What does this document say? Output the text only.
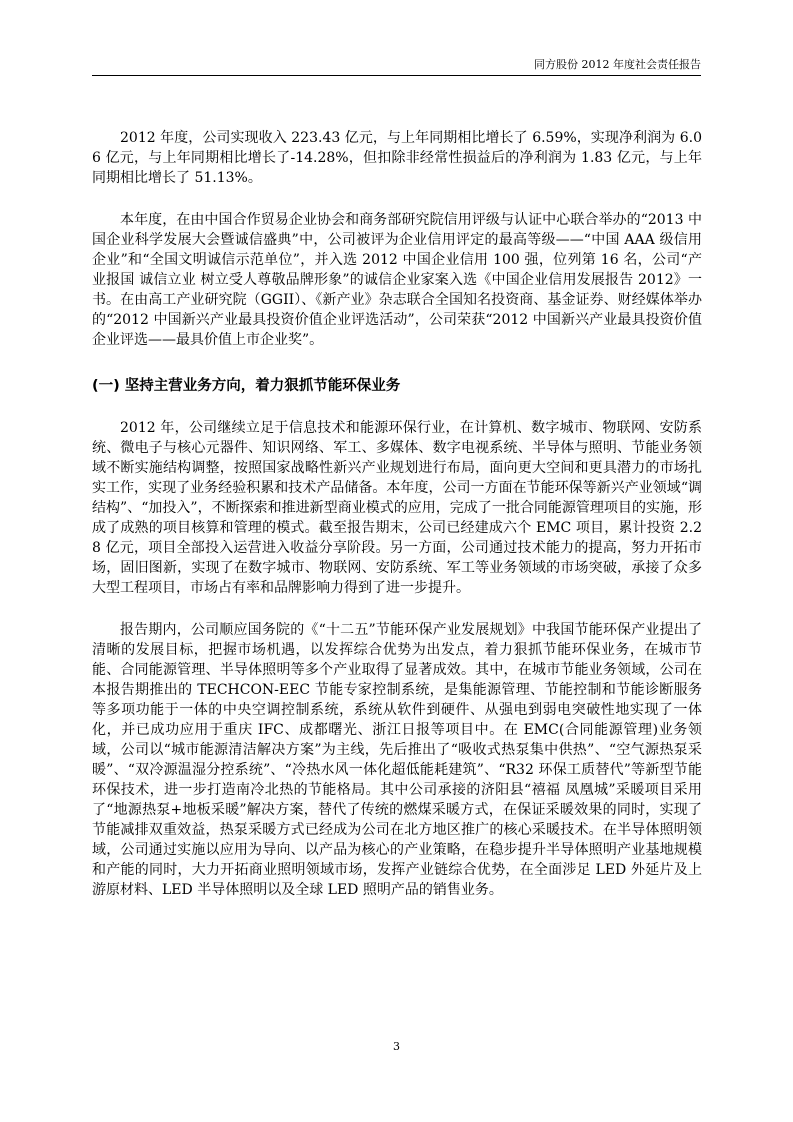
同方股份 2012 年度社会责任报告

2012 年度，公司实现收入 223.43 亿元，与上年同期相比增长了 6.59%，实现净利润为 6.06 亿元，与上年同期相比增长了-14.28%，但扣除非经常性损益后的净利润为 1.83 亿元，与上年同期相比增长了 51.13%。

本年度，在由中国合作贸易企业协会和商务部研究院信用评级与认证中心联合举办的“2013 中国企业科学发展大会暨诚信盛典”中，公司被评为企业信用评定的最高等级——“中国 AAA 级信用企业”和“全国文明诚信示范单位”，并入选 2012 中国企业信用 100 强，位列第 16 名，公司“产业报国 诚信立业 树立受人尊敬品牌形象”的诚信企业家案入选《中国企业信用发展报告 2012》一书。在由高工产业研究院（GGII）、《新产业》杂志联合全国知名投资商、基金证券、财经媒体举办的“2012 中国新兴产业最具投资价值企业评选活动”，公司荣获“2012 中国新兴产业最具投资价值企业评选——最具价值上市企业奖”。

(一) 坚持主营业务方向，着力狠抓节能环保业务

2012 年，公司继续立足于信息技术和能源环保行业，在计算机、数字城市、物联网、安防系统、微电子与核心元器件、知识网络、军工、多媒体、数字电视系统、半导体与照明、节能业务领域不断实施结构调整，按照国家战略性新兴产业规划进行布局，面向更大空间和更具潜力的市场扎实工作，实现了业务经验积累和技术产品储备。本年度，公司一方面在节能环保等新兴产业领域“调结构”、“加投入”，不断探索和推进新型商业模式的应用，完成了一批合同能源管理项目的实施，形成了成熟的项目核算和管理的模式。截至报告期末，公司已经建成六个 EMC 项目，累计投资 2.28 亿元，项目全部投入运营进入收益分享阶段。另一方面，公司通过技术能力的提高，努力开拓市场，固旧图新，实现了在数字城市、物联网、安防系统、军工等业务领域的市场突破，承接了众多大型工程项目，市场占有率和品牌影响力得到了进一步提升。

报告期内，公司顺应国务院的《“十二五”节能环保产业发展规划》中我国节能环保产业提出了清晰的发展目标，把握市场机遇，以发挥综合优势为出发点，着力狠抓节能环保业务，在城市节能、合同能源管理、半导体照明等多个产业取得了显著成效。其中，在城市节能业务领域，公司在本报告期推出的 TECHCON-EEC 节能专家控制系统，是集能源管理、节能控制和节能诊断服务等多项功能于一体的中央空调控制系统，系统从软件到硬件、从强电到弱电突破性地实现了一体化，并已成功应用于重庆 IFC、成都曙光、浙江日报等项目中。在 EMC(合同能源管理)业务领域，公司以“城市能源清洁解决方案”为主线，先后推出了“吸收式热泵集中供热”、“空气源热泵采暖”、“双冷源温湿分控系统”、“冷热水风一体化超低能耗建筑”、“R32 环保工质替代”等新型节能环保技术，进一步打造南冷北热的节能格局。其中公司承接的济阳县“禧福 凤凰城”采暖项目采用了“地源热泵+地板采暖”解决方案，替代了传统的燃煤采暖方式，在保证采暖效果的同时，实现了节能减排双重效益，热泵采暖方式已经成为公司在北方地区推广的核心采暖技术。在半导体照明领域，公司通过实施以应用为导向、以产品为核心的产业策略，在稳步提升半导体照明产业基地规模和产能的同时，大力开拓商业照明领域市场，发挥产业链综合优势，在全面涉足 LED 外延片及上游原材料、LED 半导体照明以及全球 LED 照明产品的销售业务。

3
